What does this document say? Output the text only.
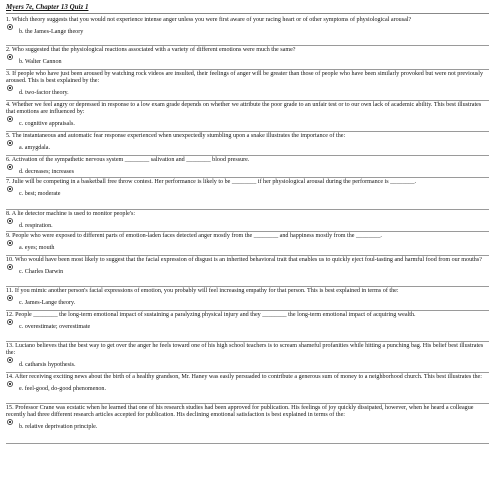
Myers 7e, Chapter 13 Quiz 1

1. Which theory suggests that you would not experience intense anger unless you were first aware of your racing heart or of other symptoms of physiological arousal?

b. the James-Lange theory

2. Who suggested that the physiological reactions associated with a variety of different emotions were much the same?

b. Walter Cannon

3. If people who have just been aroused by watching rock videos are insulted, their feelings of anger will be greater than those of people who have been similarly provoked but were not previously aroused. This is best explained by the:

d. two-factor theory.

4. Whether we feel angry or depressed in response to a low exam grade depends on whether we attribute the poor grade to an unfair test or to our own lack of academic ability. This best illustrates that emotions are influenced by:

c. cognitive appraisals.

5. The instantaneous and automatic fear response experienced when unexpectedly stumbling upon a snake illustrates the importance of the:

a. amygdala.

6. Activation of the sympathetic nervous system ________ salivation and ________ blood pressure.

d. decreases; increases

7. Julie will be competing in a basketball free throw contest. Her performance is likely to be ________ if her physiological arousal during the performance is ________.

c. best; moderate

8. A lie detector machine is used to monitor people's:

d. respiration.

9. People who were exposed to different parts of emotion-laden faces detected anger mostly from the ________ and happiness mostly from the ________.

a. eyes; mouth

10. Who would have been most likely to suggest that the facial expression of disgust is an inherited behavioral trait that enables us to quickly eject foul-tasting and harmful food from our mouths?

c. Charles Darwin

11. If you mimic another person's facial expressions of emotion, you probably will feel increasing empathy for that person. This is best explained in terms of the:

c. James-Lange theory.

12. People ________ the long-term emotional impact of sustaining a paralyzing physical injury and they ________ the long-term emotional impact of acquiring wealth.

c. overestimate; overestimate

13. Luciano believes that the best way to get over the anger he feels toward one of his high school teachers is to scream shameful profanities while hitting a punching bag. His belief best illustrates the:

d. catharsis hypothesis.

14. After receiving exciting news about the birth of a healthy grandson, Mr. Haney was easily persuaded to contribute a generous sum of money to a neighborhood church. This best illustrates the:

e. feel-good, do-good phenomenon.

15. Professor Crane was ecstatic when he learned that one of his research studies had been approved for publication. His feelings of joy quickly dissipated, however, when he heard a colleague recently had three different research articles accepted for publication. His declining emotional satisfaction is best explained in terms of the:

b. relative deprivation principle.
